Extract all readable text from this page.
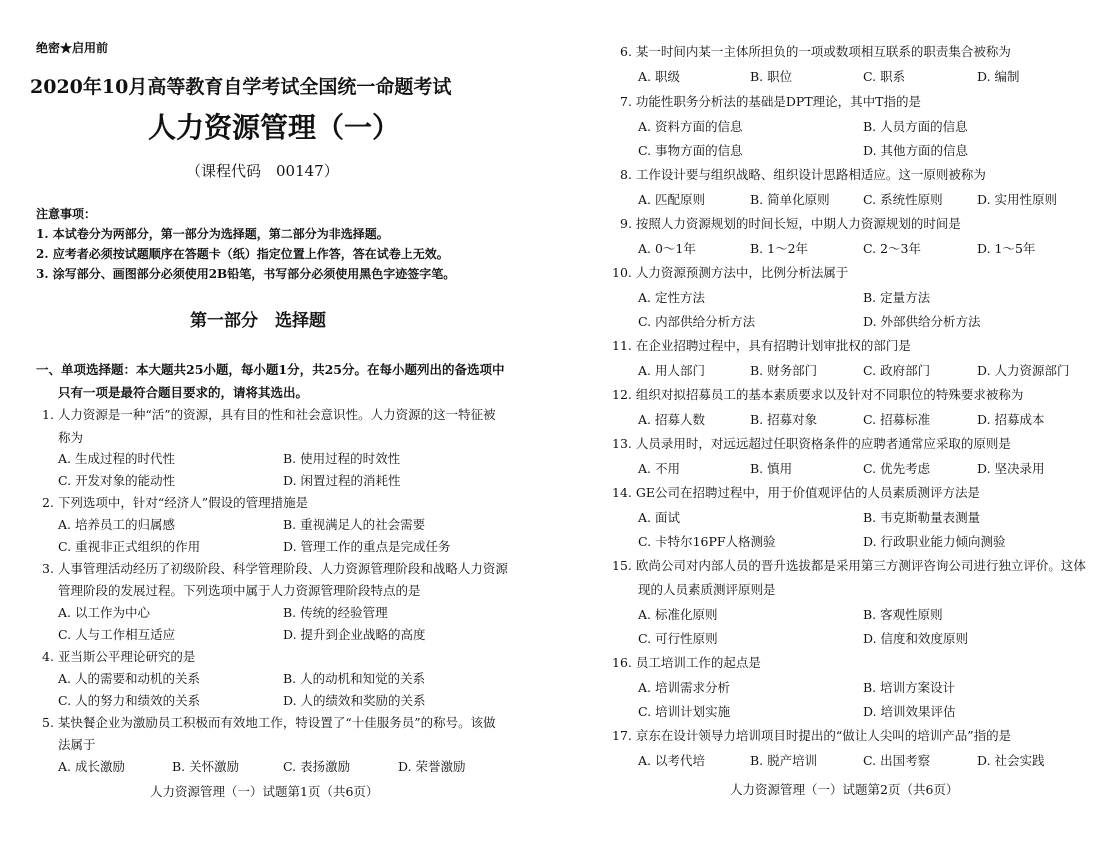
绝密★启用前
2020年10月高等教育自学考试全国统一命题考试
人力资源管理（一）
（课程代码　00147）
注意事项：
1. 本试卷分为两部分，第一部分为选择题，第二部分为非选择题。
2. 应考者必须按试题顺序在答题卡（纸）指定位置上作答，答在试卷上无效。
3. 涂写部分、画图部分必须使用2B铅笔，书写部分必须使用黑色字迹签字笔。
第一部分　选择题
一、单项选择题：本大题共25小题，每小题1分，共25分。在每小题列出的备选项中
只有一项是最符合题目要求的，请将其选出。
1. 人力资源是一种“活”的资源，具有目的性和社会意识性。人力资源的这一特征被
称为
A. 生成过程的时代性	B. 使用过程的时效性
C. 开发对象的能动性	D. 闲置过程的消耗性
2. 下列选项中，针对“经济人”假设的管理措施是
A. 培养员工的归属感	B. 重视满足人的社会需要
C. 重视非正式组织的作用	D. 管理工作的重点是完成任务
3. 人事管理活动经历了初级阶段、科学管理阶段、人力资源管理阶段和战略人力资源
管理阶段的发展过程。下列选项中属于人力资源管理阶段特点的是
A. 以工作为中心	B. 传统的经验管理
C. 人与工作相互适应	D. 提升到企业战略的高度
4. 亚当斯公平理论研究的是
A. 人的需要和动机的关系	B. 人的动机和知觉的关系
C. 人的努力和绩效的关系	D. 人的绩效和奖励的关系
5. 某快餐企业为激励员工积极而有效地工作，特设置了“十佳服务员”的称号。该做
法属于
A. 成长激励	B. 关怀激励	C. 表扬激励	D. 荣誉激励
人力资源管理（一）试题第1页（共6页）
6. 某一时间内某一主体所担负的一项或数项相互联系的职责集合被称为
A. 职级	B. 职位	C. 职系	D. 编制
7. 功能性职务分析法的基础是DPT理论，其中T指的是
A. 资料方面的信息	B. 人员方面的信息
C. 事物方面的信息	D. 其他方面的信息
8. 工作设计要与组织战略、组织设计思路相适应。这一原则被称为
A. 匹配原则	B. 简单化原则	C. 系统性原则	D. 实用性原则
9. 按照人力资源规划的时间长短，中期人力资源规划的时间是
A. 0～1年	B. 1～2年	C. 2～3年	D. 1～5年
10. 人力资源预测方法中，比例分析法属于
A. 定性方法	B. 定量方法
C. 内部供给分析方法	D. 外部供给分析方法
11. 在企业招聘过程中，具有招聘计划审批权的部门是
A. 用人部门	B. 财务部门	C. 政府部门	D. 人力资源部门
12. 组织对拟招募员工的基本素质要求以及针对不同职位的特殊要求被称为
A. 招募人数	B. 招募对象	C. 招募标准	D. 招募成本
13. 人员录用时，对远远超过任职资格条件的应聘者通常应采取的原则是
A. 不用	B. 慎用	C. 优先考虑	D. 坚决录用
14. GE公司在招聘过程中，用于价值观评估的人员素质测评方法是
A. 面试	B. 韦克斯勒量表测量
C. 卡特尔16PF人格测验	D. 行政职业能力倾向测验
15. 欧尚公司对内部人员的晋升选拔都是采用第三方测评咨询公司进行独立评价。这体
现的人员素质测评原则是
A. 标准化原则	B. 客观性原则
C. 可行性原则	D. 信度和效度原则
16. 员工培训工作的起点是
A. 培训需求分析	B. 培训方案设计
C. 培训计划实施	D. 培训效果评估
17. 京东在设计领导力培训项目时提出的“做让人尖叫的培训产品”指的是
A. 以考代培	B. 脱产培训	C. 出国考察	D. 社会实践
人力资源管理（一）试题第2页（共6页）
